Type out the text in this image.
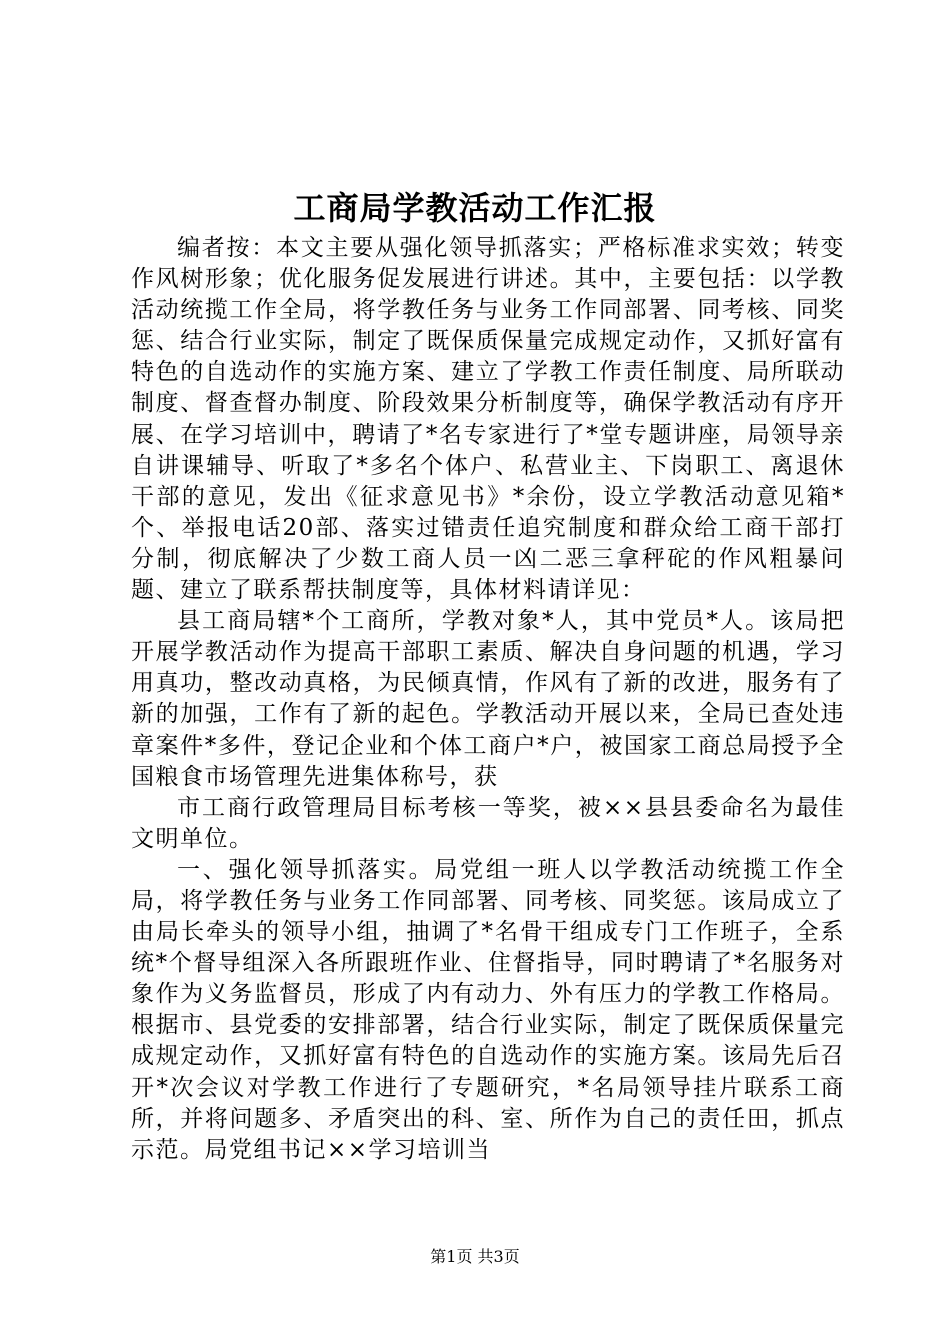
工商局学教活动工作汇报

编者按：本文主要从强化领导抓落实；严格标准求实效；转变作风树形象；优化服务促发展进行讲述。其中，主要包括：以学教活动统揽工作全局，将学教任务与业务工作同部署、同考核、同奖惩、结合行业实际，制定了既保质保量完成规定动作，又抓好富有特色的自选动作的实施方案、建立了学教工作责任制度、局所联动制度、督查督办制度、阶段效果分析制度等，确保学教活动有序开展、在学习培训中，聘请了*名专家进行了*堂专题讲座，局领导亲自讲课辅导、听取了*多名个体户、私营业主、下岗职工、离退休干部的意见，发出《征求意见书》*余份，设立学教活动意见箱*个、举报电话20部、落实过错责任追究制度和群众给工商干部打分制，彻底解决了少数工商人员一凶二恶三拿秤砣的作风粗暴问题、建立了联系帮扶制度等，具体材料请详见：

县工商局辖*个工商所，学教对象*人，其中党员*人。该局把开展学教活动作为提高干部职工素质、解决自身问题的机遇，学习用真功，整改动真格，为民倾真情，作风有了新的改进，服务有了新的加强，工作有了新的起色。学教活动开展以来，全局已查处违章案件*多件，登记企业和个体工商户*户，被国家工商总局授予全国粮食市场管理先进集体称号，获

市工商行政管理局目标考核一等奖，被××县县委命名为最佳文明单位。

一、强化领导抓落实。局党组一班人以学教活动统揽工作全局，将学教任务与业务工作同部署、同考核、同奖惩。该局成立了由局长牵头的领导小组，抽调了*名骨干组成专门工作班子，全系统*个督导组深入各所跟班作业、住督指导，同时聘请了*名服务对象作为义务监督员，形成了内有动力、外有压力的学教工作格局。根据市、县党委的安排部署，结合行业实际，制定了既保质保量完成规定动作，又抓好富有特色的自选动作的实施方案。该局先后召开*次会议对学教工作进行了专题研究，*名局领导挂片联系工商所，并将问题多、矛盾突出的科、室、所作为自己的责任田，抓点示范。局党组书记××学习培训当

第1页 共3页
